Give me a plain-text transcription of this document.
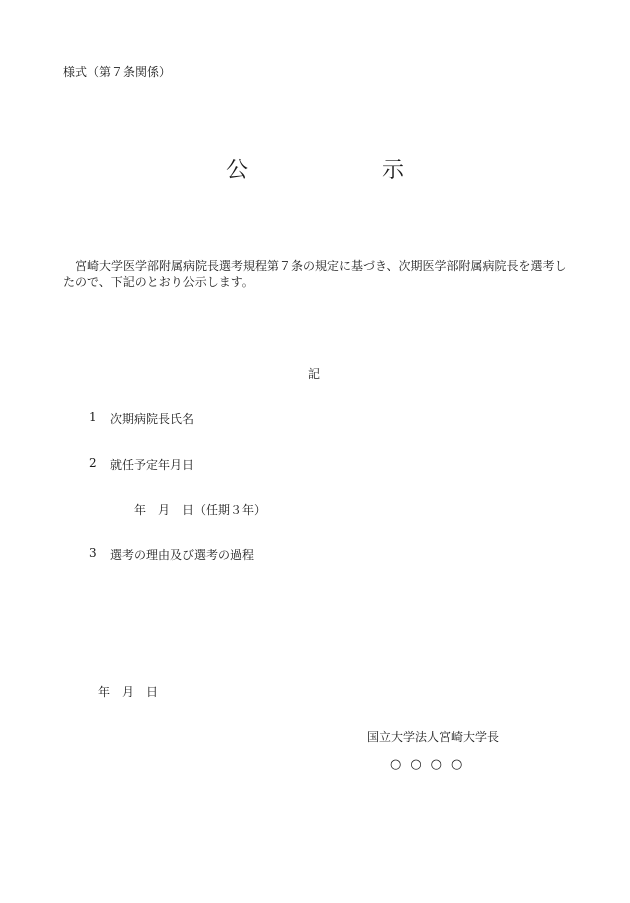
様式（第７条関係）
公	示
　宮崎大学医学部附属病院長選考規程第７条の規定に基づき、次期医学部附属病院長を選考したので、下記のとおり公示します。
記
1 次期病院長氏名
2 就任予定年月日
年　月　日（任期３年）
3 選考の理由及び選考の過程
年　月　日
国立大学法人宮崎大学長
○○○○
